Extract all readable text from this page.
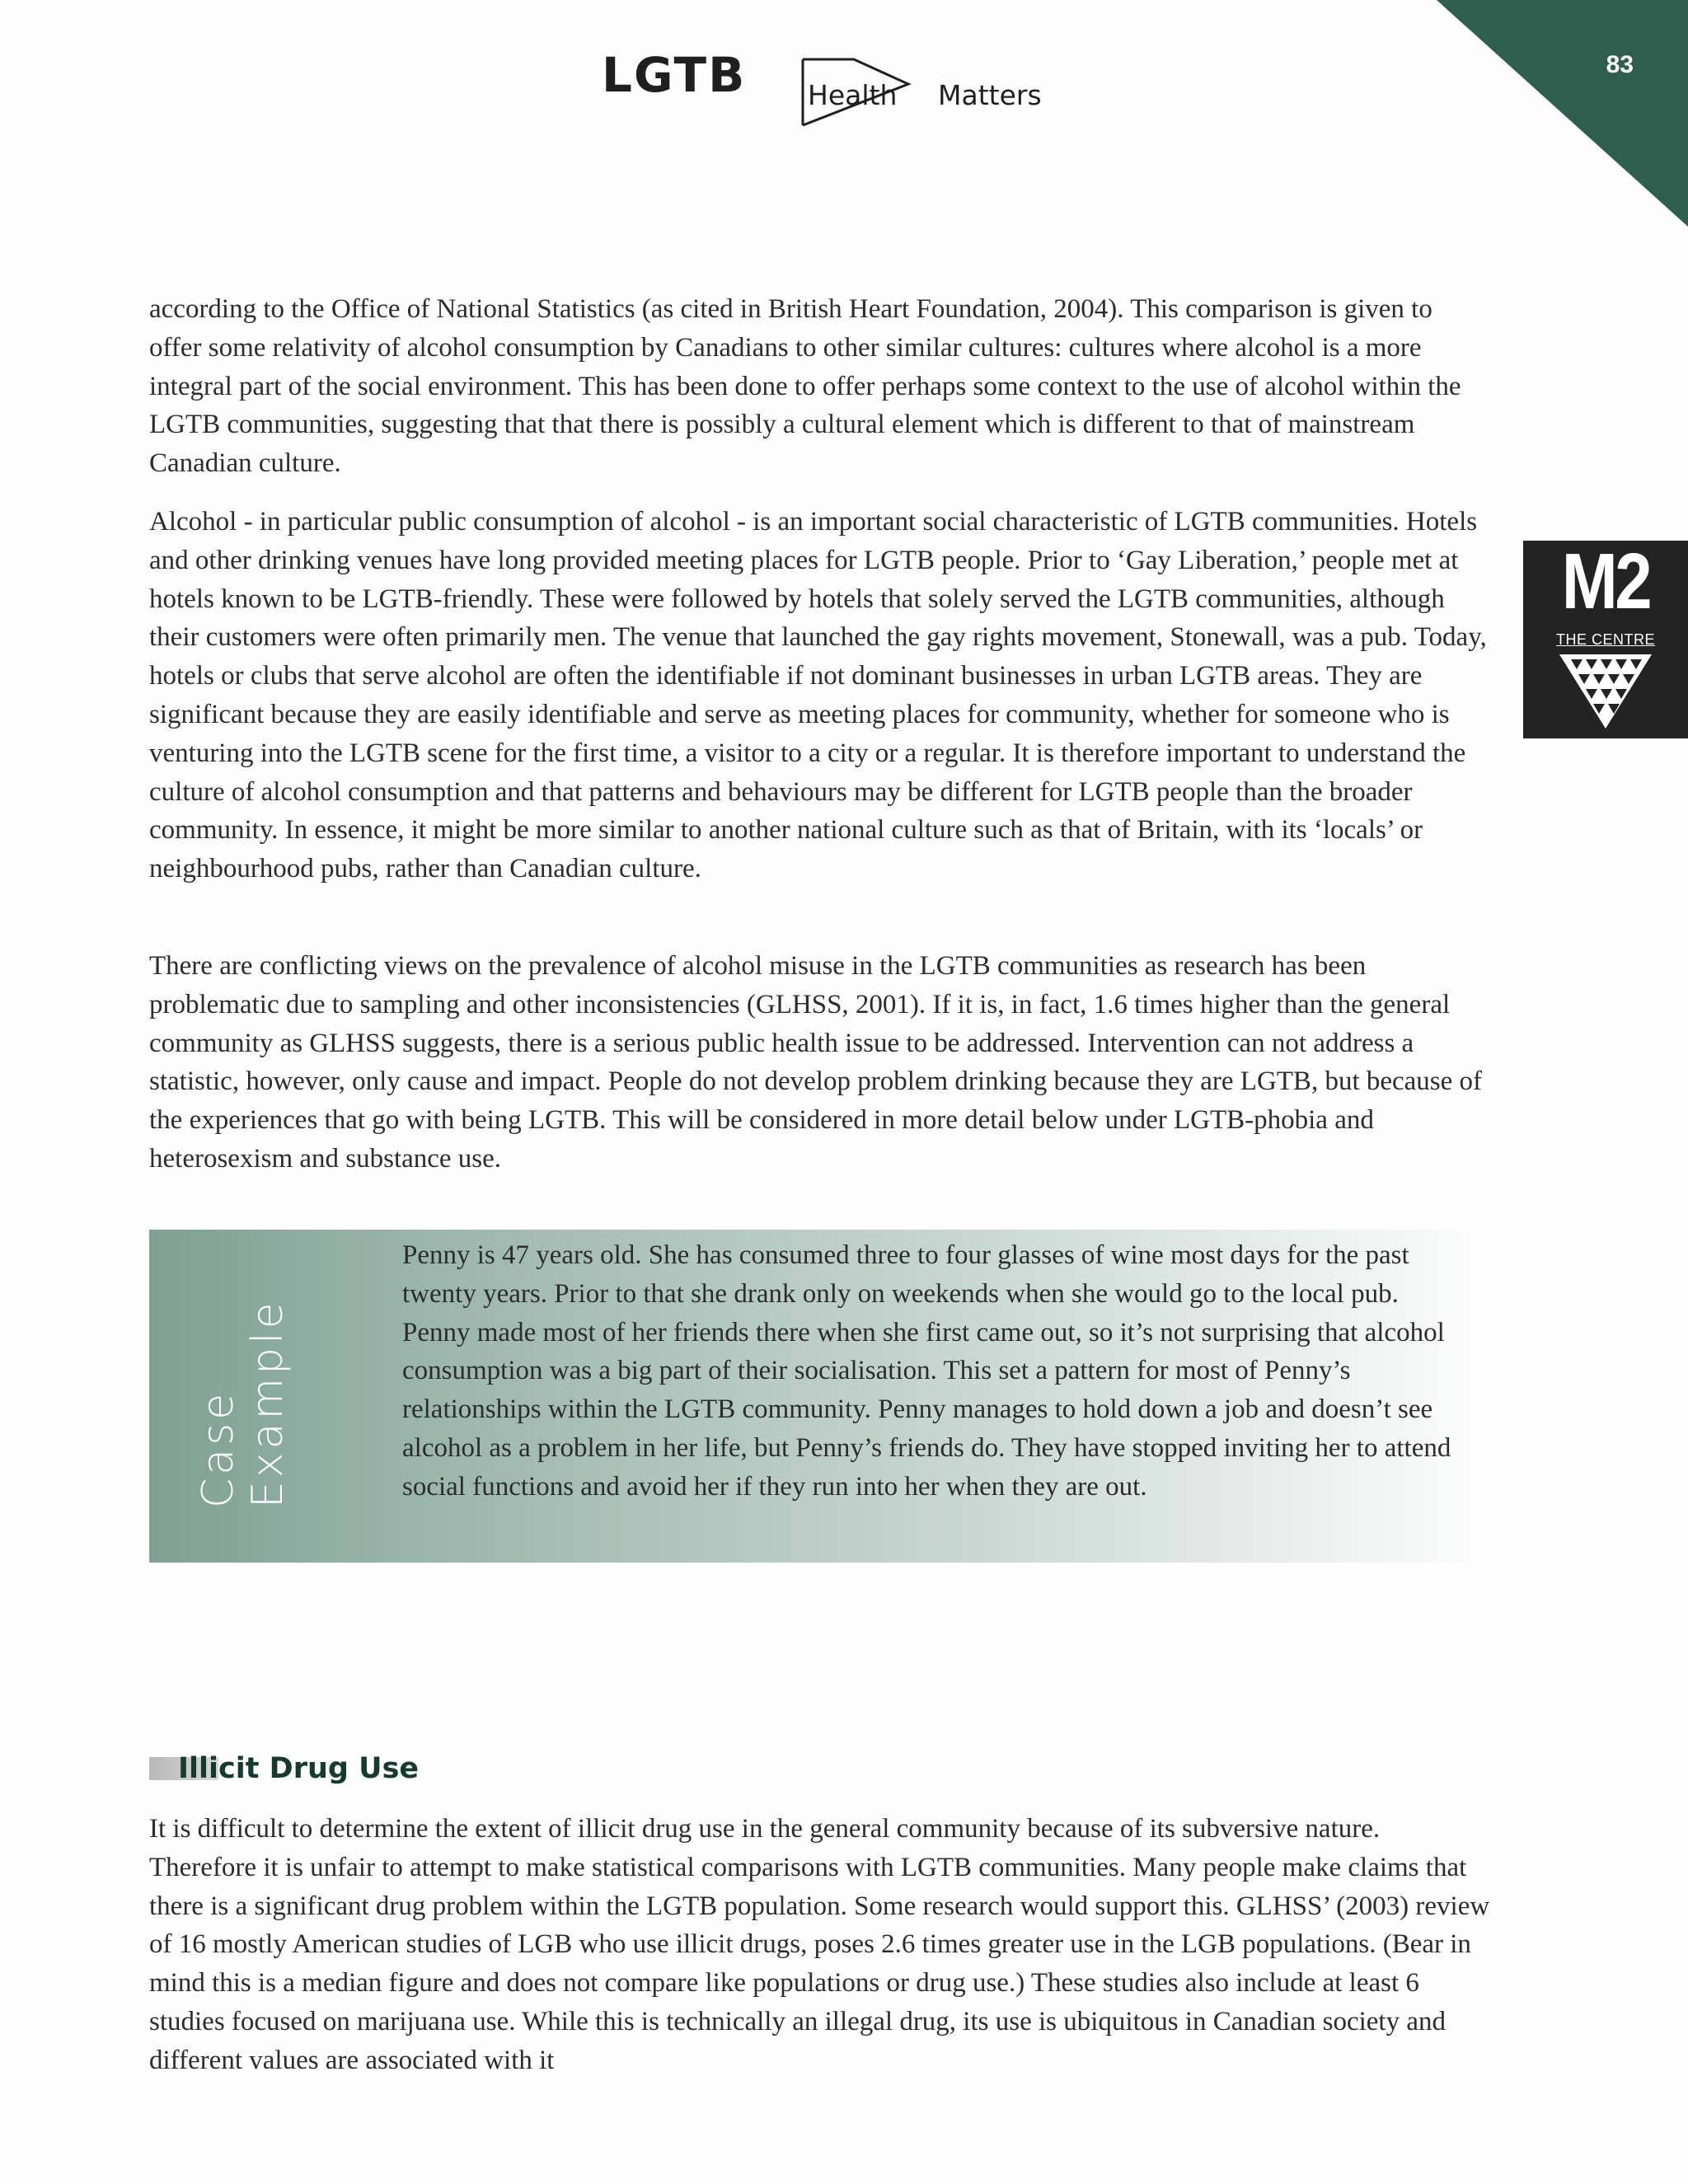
83
LGTB Health Matters
M2
THE CENTRE

according to the Office of National Statistics (as cited in British Heart Foundation, 2004). This comparison is given to offer some relativity of alcohol consumption by Canadians to other similar cultures: cultures where alcohol is a more integral part of the social environment. This has been done to offer perhaps some context to the use of alcohol within the LGTB communities, suggesting that that there is possibly a cultural element which is different to that of mainstream Canadian culture.

Alcohol - in particular public consumption of alcohol - is an important social characteristic of LGTB communities. Hotels and other drinking venues have long provided meeting places for LGTB people. Prior to ‘Gay Liberation,’ people met at hotels known to be LGTB-friendly. These were followed by hotels that solely served the LGTB communities, although their customers were often primarily men. The venue that launched the gay rights movement, Stonewall, was a pub. Today, hotels or clubs that serve alcohol are often the identifiable if not dominant businesses in urban LGTB areas. They are significant because they are easily identifiable and serve as meeting places for community, whether for someone who is venturing into the LGTB scene for the first time, a visitor to a city or a regular. It is therefore important to understand the culture of alcohol consumption and that patterns and behaviours may be different for LGTB people than the broader community. In essence, it might be more similar to another national culture such as that of Britain, with its ‘locals’ or neighbourhood pubs, rather than Canadian culture.

There are conflicting views on the prevalence of alcohol misuse in the LGTB communities as research has been problematic due to sampling and other inconsistencies (GLHSS, 2001). If it is, in fact, 1.6 times higher than the general community as GLHSS suggests, there is a serious public health issue to be addressed. Intervention can not address a statistic, however, only cause and impact. People do not develop problem drinking because they are LGTB, but because of the experiences that go with being LGTB. This will be considered in more detail below under LGTB-phobia and heterosexism and substance use.

Case Example

Penny is 47 years old. She has consumed three to four glasses of wine most days for the past twenty years. Prior to that she drank only on weekends when she would go to the local pub. Penny made most of her friends there when she first came out, so it’s not surprising that alcohol consumption was a big part of their socialisation. This set a pattern for most of Penny’s relationships within the LGTB community. Penny manages to hold down a job and doesn’t see alcohol as a problem in her life, but Penny’s friends do. They have stopped inviting her to attend social functions and avoid her if they run into her when they are out.

Illicit Drug Use

It is difficult to determine the extent of illicit drug use in the general community because of its subversive nature. Therefore it is unfair to attempt to make statistical comparisons with LGTB communities. Many people make claims that there is a significant drug problem within the LGTB population. Some research would support this. GLHSS’ (2003) review of 16 mostly American studies of LGB who use illicit drugs, poses 2.6 times greater use in the LGB populations. (Bear in mind this is a median figure and does not compare like populations or drug use.) These studies also include at least 6 studies focused on marijuana use. While this is technically an illegal drug, its use is ubiquitous in Canadian society and different values are associated with it
